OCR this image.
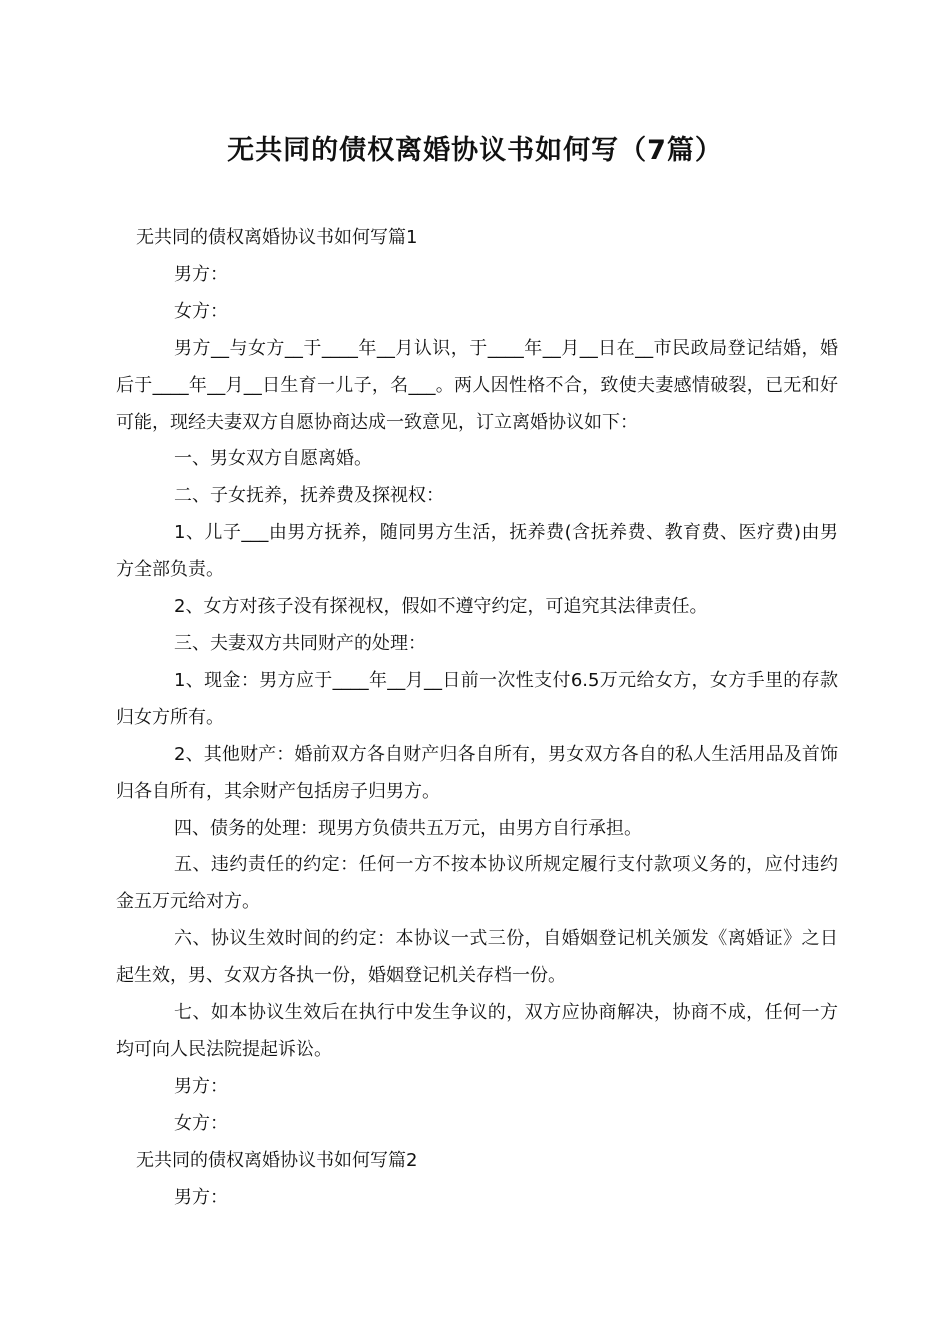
无共同的债权离婚协议书如何写（7篇）

无共同的债权离婚协议书如何写篇1

男方：

女方：

男方__与女方__于____年__月认识，于____年__月__日在__市民政局登记结婚，婚后于____年__月__日生育一儿子，名___。两人因性格不合，致使夫妻感情破裂，已无和好可能，现经夫妻双方自愿协商达成一致意见，订立离婚协议如下：

一、男女双方自愿离婚。

二、子女抚养，抚养费及探视权：

1、儿子___由男方抚养，随同男方生活，抚养费(含抚养费、教育费、医疗费)由男方全部负责。

2、女方对孩子没有探视权，假如不遵守约定，可追究其法律责任。

三、夫妻双方共同财产的处理：

1、现金：男方应于____年__月__日前一次性支付6.5万元给女方，女方手里的存款归女方所有。

2、其他财产：婚前双方各自财产归各自所有，男女双方各自的私人生活用品及首饰归各自所有，其余财产包括房子归男方。

四、债务的处理：现男方负债共五万元，由男方自行承担。

五、违约责任的约定：任何一方不按本协议所规定履行支付款项义务的，应付违约金五万元给对方。

六、协议生效时间的约定：本协议一式三份，自婚姻登记机关颁发《离婚证》之日起生效，男、女双方各执一份，婚姻登记机关存档一份。

七、如本协议生效后在执行中发生争议的，双方应协商解决，协商不成，任何一方均可向人民法院提起诉讼。

男方：

女方：

无共同的债权离婚协议书如何写篇2

男方：
